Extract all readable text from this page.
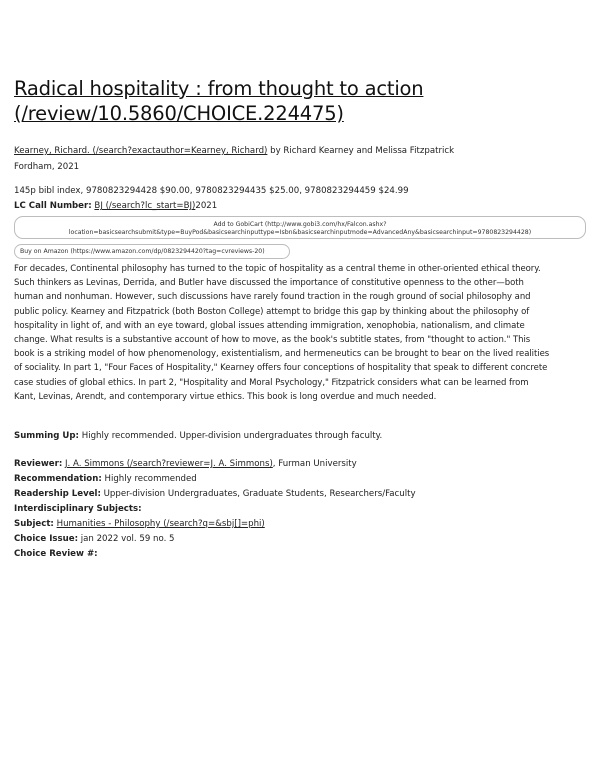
Radical hospitality : from thought to action (/review/10.5860/CHOICE.224475)
Kearney, Richard. (/search?exactauthor=Kearney, Richard) by Richard Kearney and Melissa Fitzpatrick
Fordham, 2021
145p bibl index, 9780823294428 $90.00, 9780823294435 $25.00, 9780823294459 $24.99
LC Call Number: BJ (/search?lc_start=BJ)2021
Add to GobiCart (http://www.gobi3.com/hx/Falcon.ashx?
location=basicsearchsubmit&type=BuyPod&basicsearchinputtype=Isbn&basicsearchinputmode=AdvancedAny&basicsearchinput=9780823294428)
Buy on Amazon (https://www.amazon.com/dp/0823294420?tag=cvreviews-20)
For decades, Continental philosophy has turned to the topic of hospitality as a central theme in other-oriented ethical theory.
Such thinkers as Levinas, Derrida, and Butler have discussed the importance of constitutive openness to the other—both
human and nonhuman. However, such discussions have rarely found traction in the rough ground of social philosophy and
public policy. Kearney and Fitzpatrick (both Boston College) attempt to bridge this gap by thinking about the philosophy of
hospitality in light of, and with an eye toward, global issues attending immigration, xenophobia, nationalism, and climate
change. What results is a substantive account of how to move, as the book's subtitle states, from "thought to action." This
book is a striking model of how phenomenology, existentialism, and hermeneutics can be brought to bear on the lived realities
of sociality. In part 1, "Four Faces of Hospitality," Kearney offers four conceptions of hospitality that speak to different concrete
case studies of global ethics. In part 2, "Hospitality and Moral Psychology," Fitzpatrick considers what can be learned from
Kant, Levinas, Arendt, and contemporary virtue ethics. This book is long overdue and much needed.
Summing Up: Highly recommended. Upper-division undergraduates through faculty.
Reviewer: J. A. Simmons (/search?reviewer=J. A. Simmons), Furman University
Recommendation: Highly recommended
Readership Level: Upper-division Undergraduates, Graduate Students, Researchers/Faculty
Interdisciplinary Subjects:
Subject: Humanities - Philosophy (/search?q=&sbj[]=phi)
Choice Issue: jan 2022 vol. 59 no. 5
Choice Review #:
